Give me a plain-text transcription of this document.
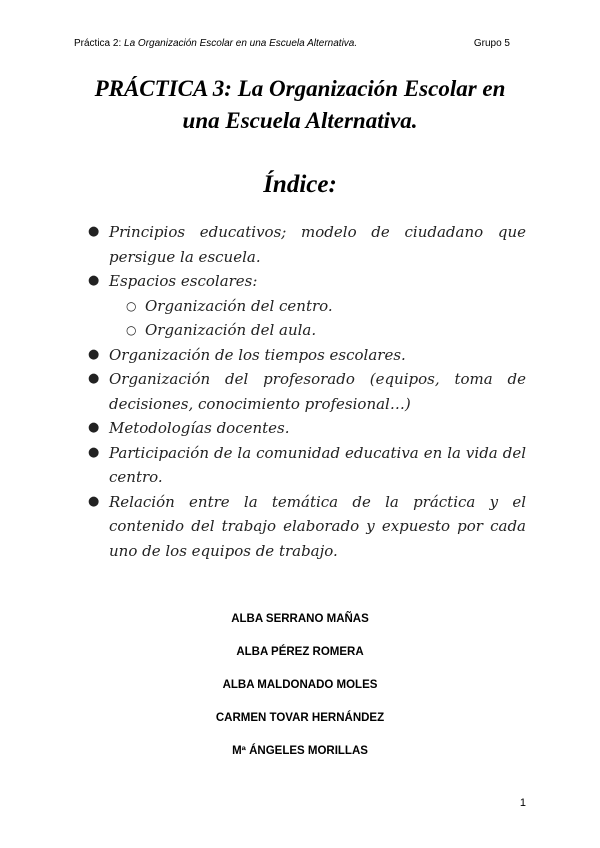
Práctica 2: La Organización Escolar en una Escuela Alternativa.	Grupo 5
PRÁCTICA 3: La Organización Escolar en
una Escuela Alternativa.
Índice:
● Principios educativos; modelo de ciudadano que persigue la escuela.
● Espacios escolares:
○ Organización del centro.
○ Organización del aula.
● Organización de los tiempos escolares.
● Organización del profesorado (equipos, toma de decisiones, conocimiento profesional…)
● Metodologías docentes.
● Participación de la comunidad educativa en la vida del centro.
● Relación entre la temática de la práctica y el contenido del trabajo elaborado y expuesto por cada uno de los equipos de trabajo.
ALBA SERRANO MAÑAS
ALBA PÉREZ ROMERA
ALBA MALDONADO MOLES
CARMEN TOVAR HERNÁNDEZ
Mª ÁNGELES MORILLAS
1
